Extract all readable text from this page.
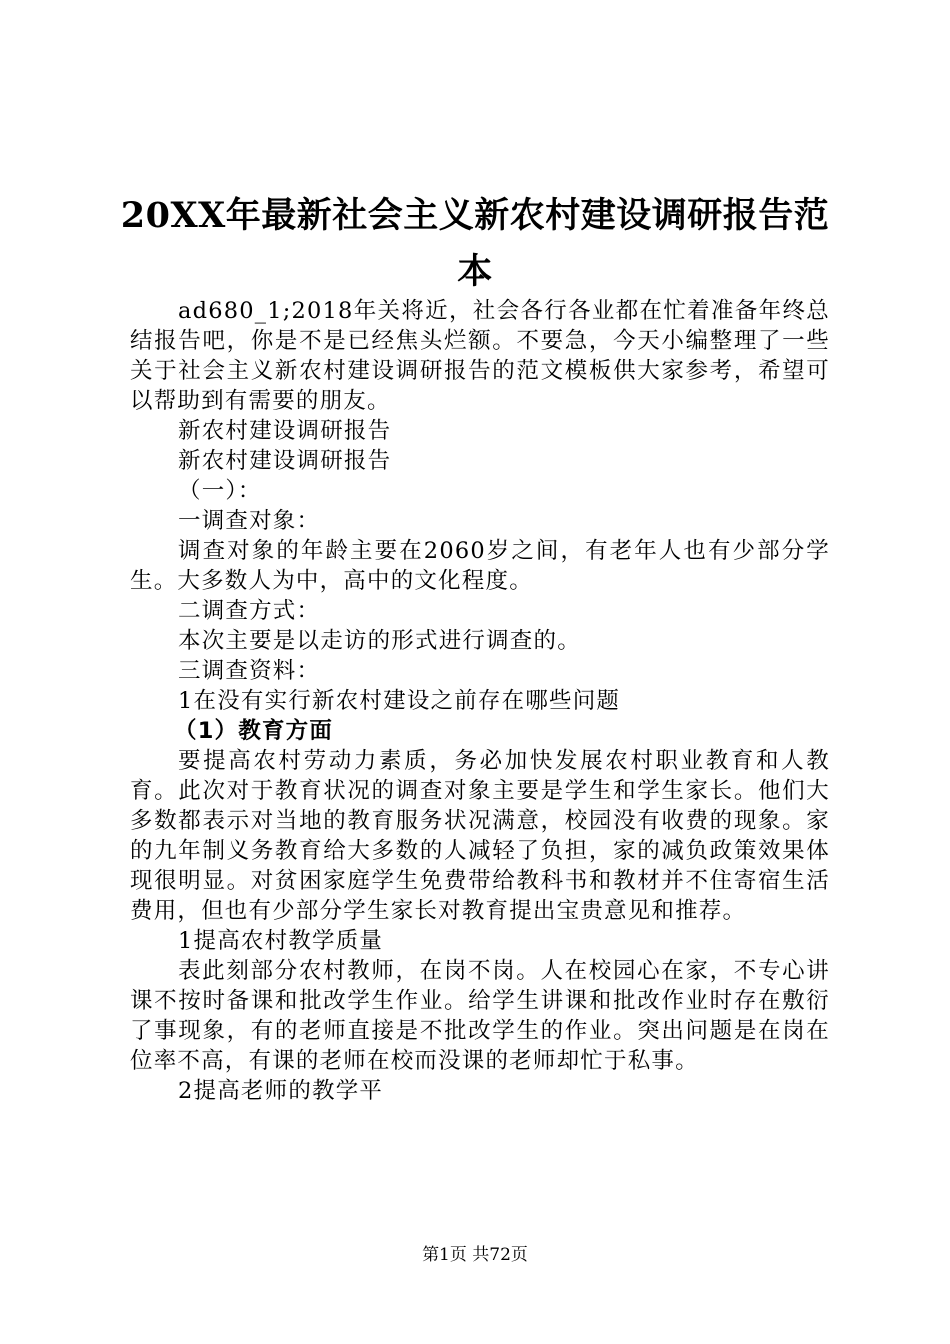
20XX年最新社会主义新农村建设调研报告范本

ad680_1;2018年关将近，社会各行各业都在忙着准备年终总结报告吧，你是不是已经焦头烂额。不要急，今天小编整理了一些关于社会主义新农村建设调研报告的范文模板供大家参考，希望可以帮助到有需要的朋友。

新农村建设调研报告

新农村建设调研报告

（一）：

一调查对象：

调查对象的年龄主要在2060岁之间，有老年人也有少部分学生。大多数人为中，高中的文化程度。

二调查方式：

本次主要是以走访的形式进行调查的。

三调查资料：

1在没有实行新农村建设之前存在哪些问题

（1）教育方面

要提高农村劳动力素质，务必加快发展农村职业教育和人教育。此次对于教育状况的调查对象主要是学生和学生家长。他们大多数都表示对当地的教育服务状况满意，校园没有收费的现象。家的九年制义务教育给大多数的人减轻了负担，家的减负政策效果体现很明显。对贫困家庭学生免费带给教科书和教材并不住寄宿生活费用，但也有少部分学生家长对教育提出宝贵意见和推荐。

1提高农村教学质量

表此刻部分农村教师，在岗不岗。人在校园心在家，不专心讲课不按时备课和批改学生作业。给学生讲课和批改作业时存在敷衍了事现象，有的老师直接是不批改学生的作业。突出问题是在岗在位率不高，有课的老师在校而没课的老师却忙于私事。

2提高老师的教学平

第1页 共72页
